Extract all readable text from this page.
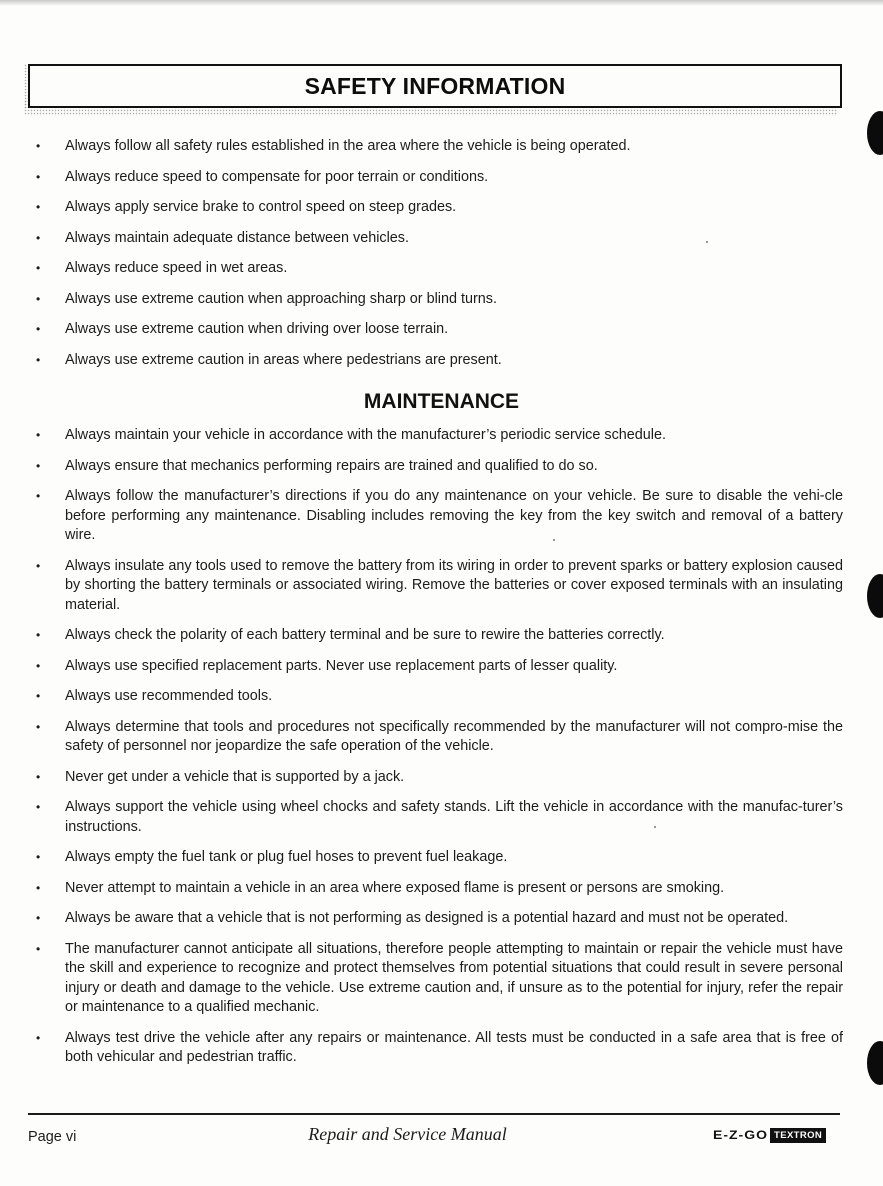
SAFETY INFORMATION
• Always follow all safety rules established in the area where the vehicle is being operated.
• Always reduce speed to compensate for poor terrain or conditions.
• Always apply service brake to control speed on steep grades.
• Always maintain adequate distance between vehicles.
• Always reduce speed in wet areas.
• Always use extreme caution when approaching sharp or blind turns.
• Always use extreme caution when driving over loose terrain.
• Always use extreme caution in areas where pedestrians are present.
MAINTENANCE
• Always maintain your vehicle in accordance with the manufacturer’s periodic service schedule.
• Always ensure that mechanics performing repairs are trained and qualified to do so.
• Always follow the manufacturer’s directions if you do any maintenance on your vehicle. Be sure to disable the vehi-cle before performing any maintenance. Disabling includes removing the key from the key switch and removal of a battery wire.
• Always insulate any tools used to remove the battery from its wiring in order to prevent sparks or battery explosion caused by shorting the battery terminals or associated wiring. Remove the batteries or cover exposed terminals with an insulating material.
• Always check the polarity of each battery terminal and be sure to rewire the batteries correctly.
• Always use specified replacement parts. Never use replacement parts of lesser quality.
• Always use recommended tools.
• Always determine that tools and procedures not specifically recommended by the manufacturer will not compro-mise the safety of personnel nor jeopardize the safe operation of the vehicle.
• Never get under a vehicle that is supported by a jack.
• Always support the vehicle using wheel chocks and safety stands. Lift the vehicle in accordance with the manufac-turer’s instructions.
• Always empty the fuel tank or plug fuel hoses to prevent fuel leakage.
• Never attempt to maintain a vehicle in an area where exposed flame is present or persons are smoking.
• Always be aware that a vehicle that is not performing as designed is a potential hazard and must not be operated.
• The manufacturer cannot anticipate all situations, therefore people attempting to maintain or repair the vehicle must have the skill and experience to recognize and protect themselves from potential situations that could result in severe personal injury or death and damage to the vehicle. Use extreme caution and, if unsure as to the potential for injury, refer the repair or maintenance to a qualified mechanic.
• Always test drive the vehicle after any repairs or maintenance. All tests must be conducted in a safe area that is free of both vehicular and pedestrian traffic.
Page vi	Repair and Service Manual	E-Z-GO TEXTRON
